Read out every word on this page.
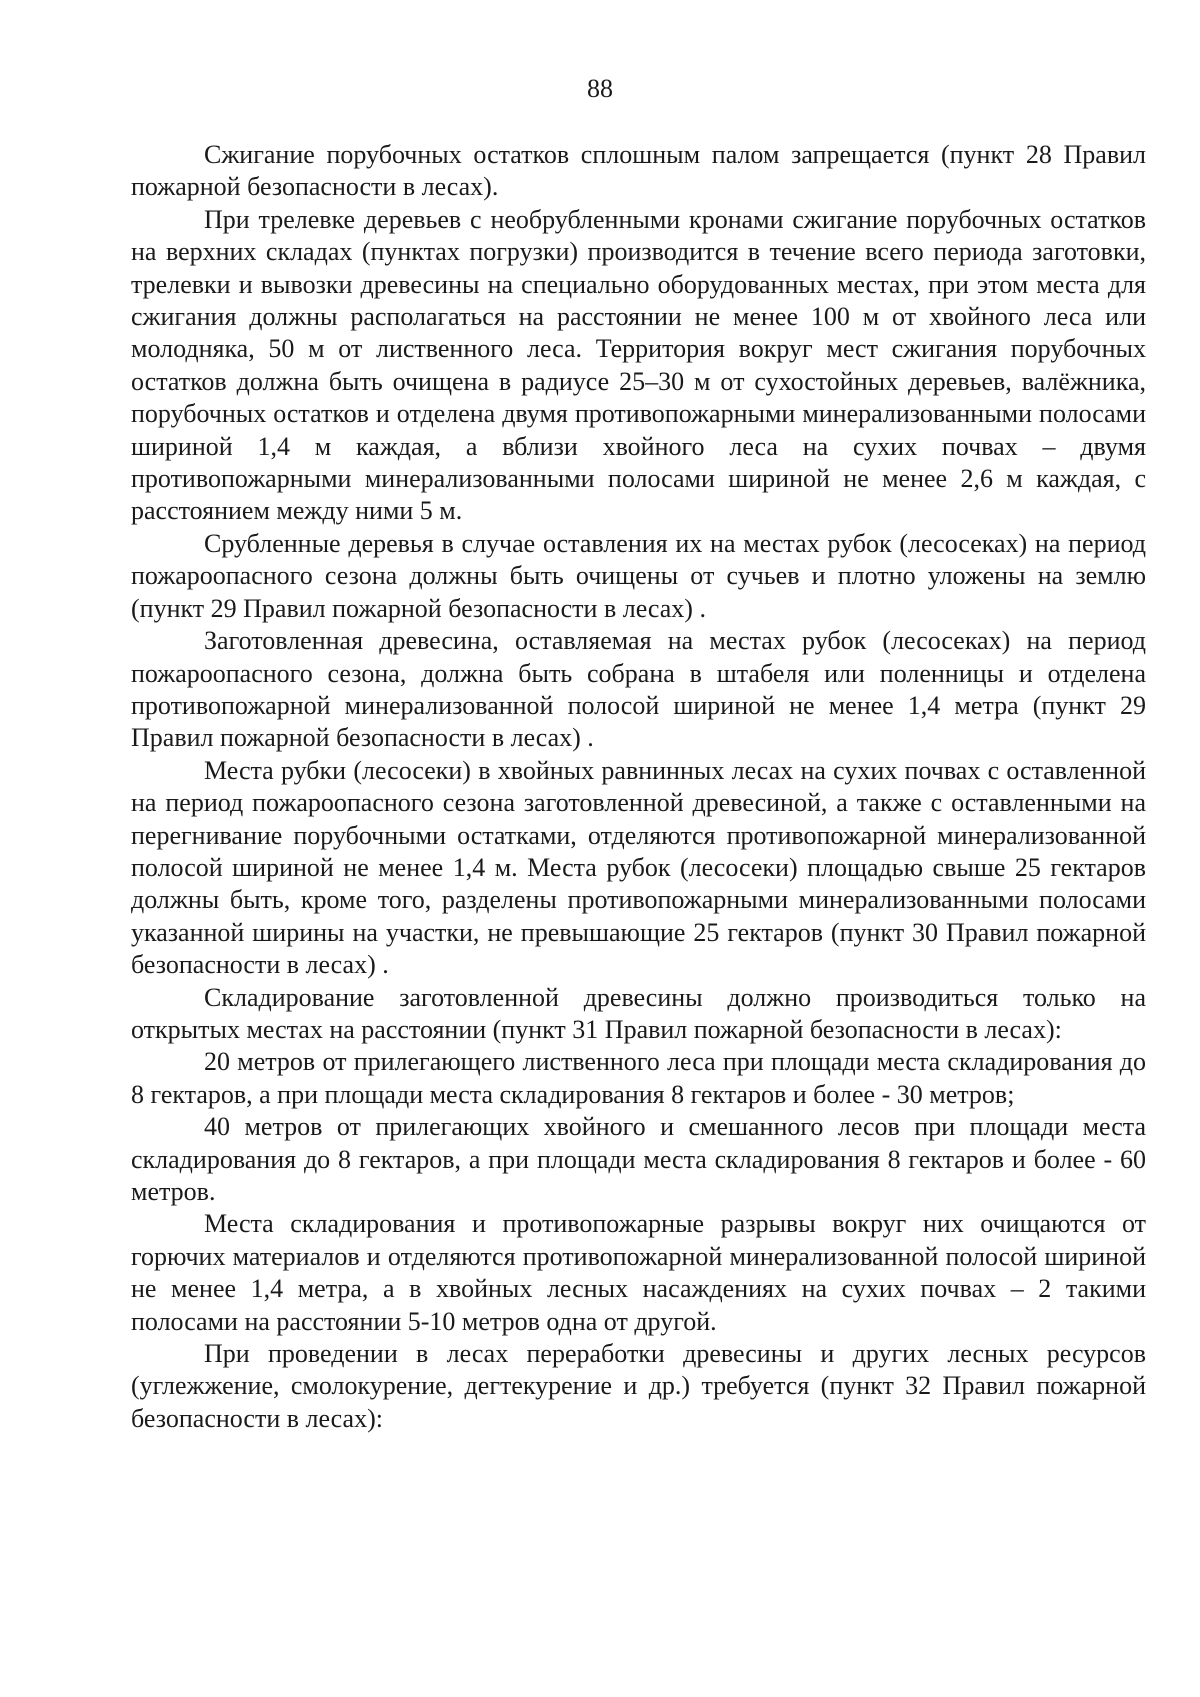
88

Сжигание порубочных остатков сплошным палом запрещается (пункт 28 Правил пожарной безопасности в лесах).

При трелевке деревьев с необрубленными кронами сжигание порубочных остатков на верхних складах (пунктах погрузки) производится в течение всего периода заготовки, трелевки и вывозки древесины на специально оборудованных местах, при этом места для сжигания должны располагаться на расстоянии не менее 100 м от хвойного леса или молодняка, 50 м от лиственного леса. Территория вокруг мест сжигания порубочных остатков должна быть очищена в радиусе 25–30 м от сухостойных деревьев, валёжника, порубочных остатков и отделена двумя противопожарными минерализованными полосами шириной 1,4 м каждая, а вблизи хвойного леса на сухих почвах – двумя противопожарными минерализованными полосами шириной не менее 2,6 м каждая, с расстоянием между ними 5 м.

Срубленные деревья в случае оставления их на местах рубок (лесосеках) на период пожароопасного сезона должны быть очищены от сучьев и плотно уложены на землю (пункт 29 Правил пожарной безопасности в лесах) .

Заготовленная древесина, оставляемая на местах рубок (лесосеках) на период пожароопасного сезона, должна быть собрана в штабеля или поленницы и отделена противопожарной минерализованной полосой шириной не менее 1,4 метра (пункт 29 Правил пожарной безопасности в лесах) .

Места рубки (лесосеки) в хвойных равнинных лесах на сухих почвах с оставленной на период пожароопасного сезона заготовленной древесиной, а также с оставленными на перегнивание порубочными остатками, отделяются противопожарной минерализованной полосой шириной не менее 1,4 м. Места рубок (лесосеки) площадью свыше 25 гектаров должны быть, кроме того, разделены противопожарными минерализованными полосами указанной ширины на участки, не превышающие 25 гектаров (пункт 30 Правил пожарной безопасности в лесах) .

Складирование заготовленной древесины должно производиться только на открытых местах на расстоянии (пункт 31 Правил пожарной безопасности в лесах):

20 метров от прилегающего лиственного леса при площади места складирования до 8 гектаров, а при площади места складирования 8 гектаров и более - 30 метров;

40 метров от прилегающих хвойного и смешанного лесов при площади места складирования до 8 гектаров, а при площади места складирования 8 гектаров и более - 60 метров.

Места складирования и противопожарные разрывы вокруг них очищаются от горючих материалов и отделяются противопожарной минерализованной полосой шириной не менее 1,4 метра, а в хвойных лесных насаждениях на сухих почвах – 2 такими полосами на расстоянии 5-10 метров одна от другой.

При проведении в лесах переработки древесины и других лесных ресурсов (углежжение, смолокурение, дегтекурение и др.) требуется (пункт 32 Правил пожарной безопасности в лесах):
